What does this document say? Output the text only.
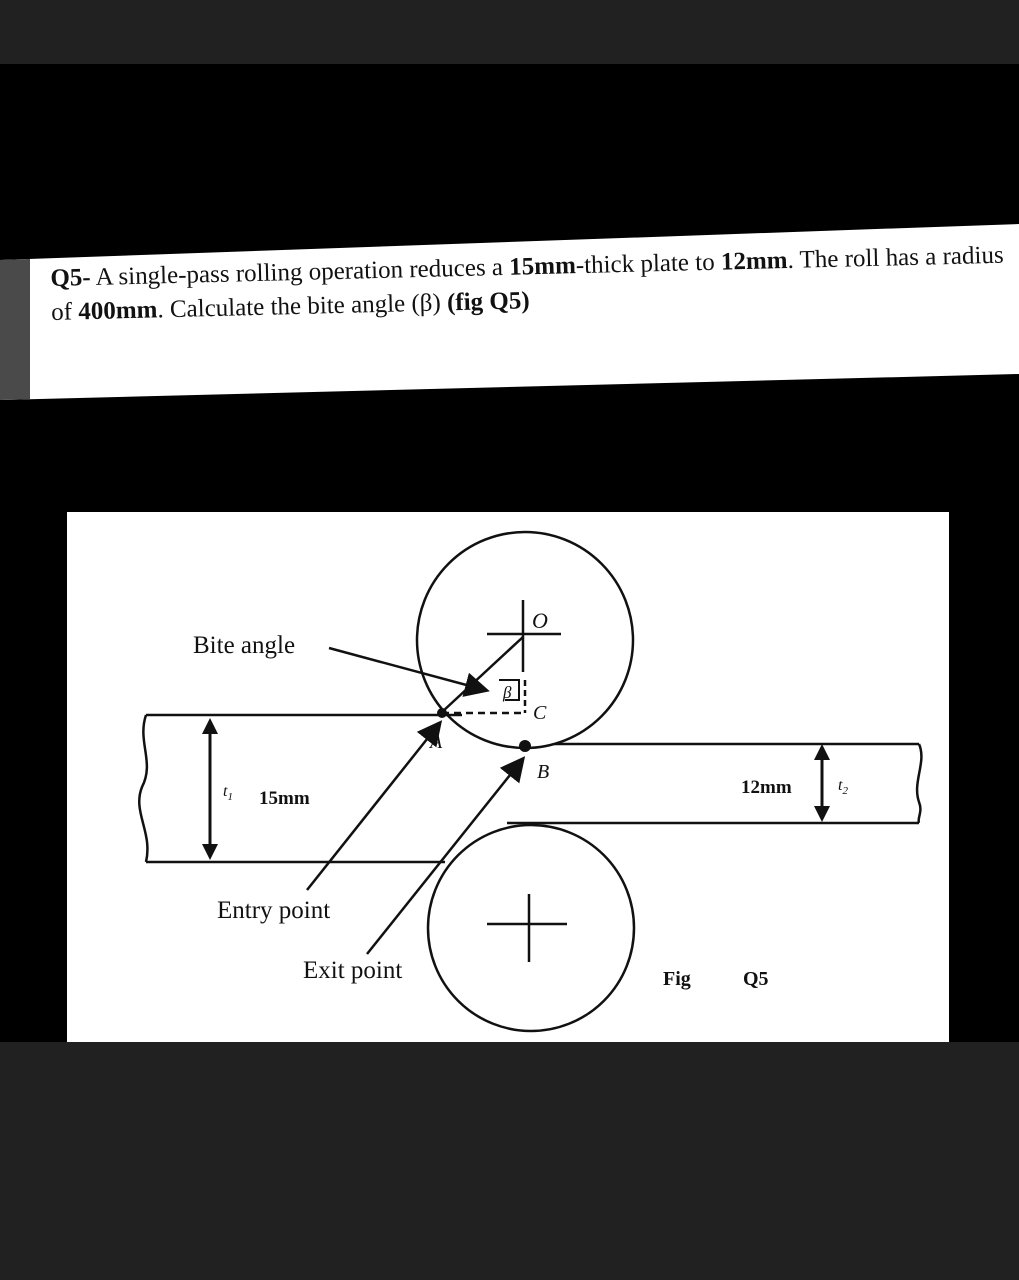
Q5- A single-pass rolling operation reduces a 15mm-thick plate to 12mm. The roll has a radius of 400mm. Calculate the bite angle (β) (fig Q5)
β
Bite angle
O
C
A
B
$t_1$ 15mm
12mm	$t_2$
Entry point
Exit point	Fig	Q5
